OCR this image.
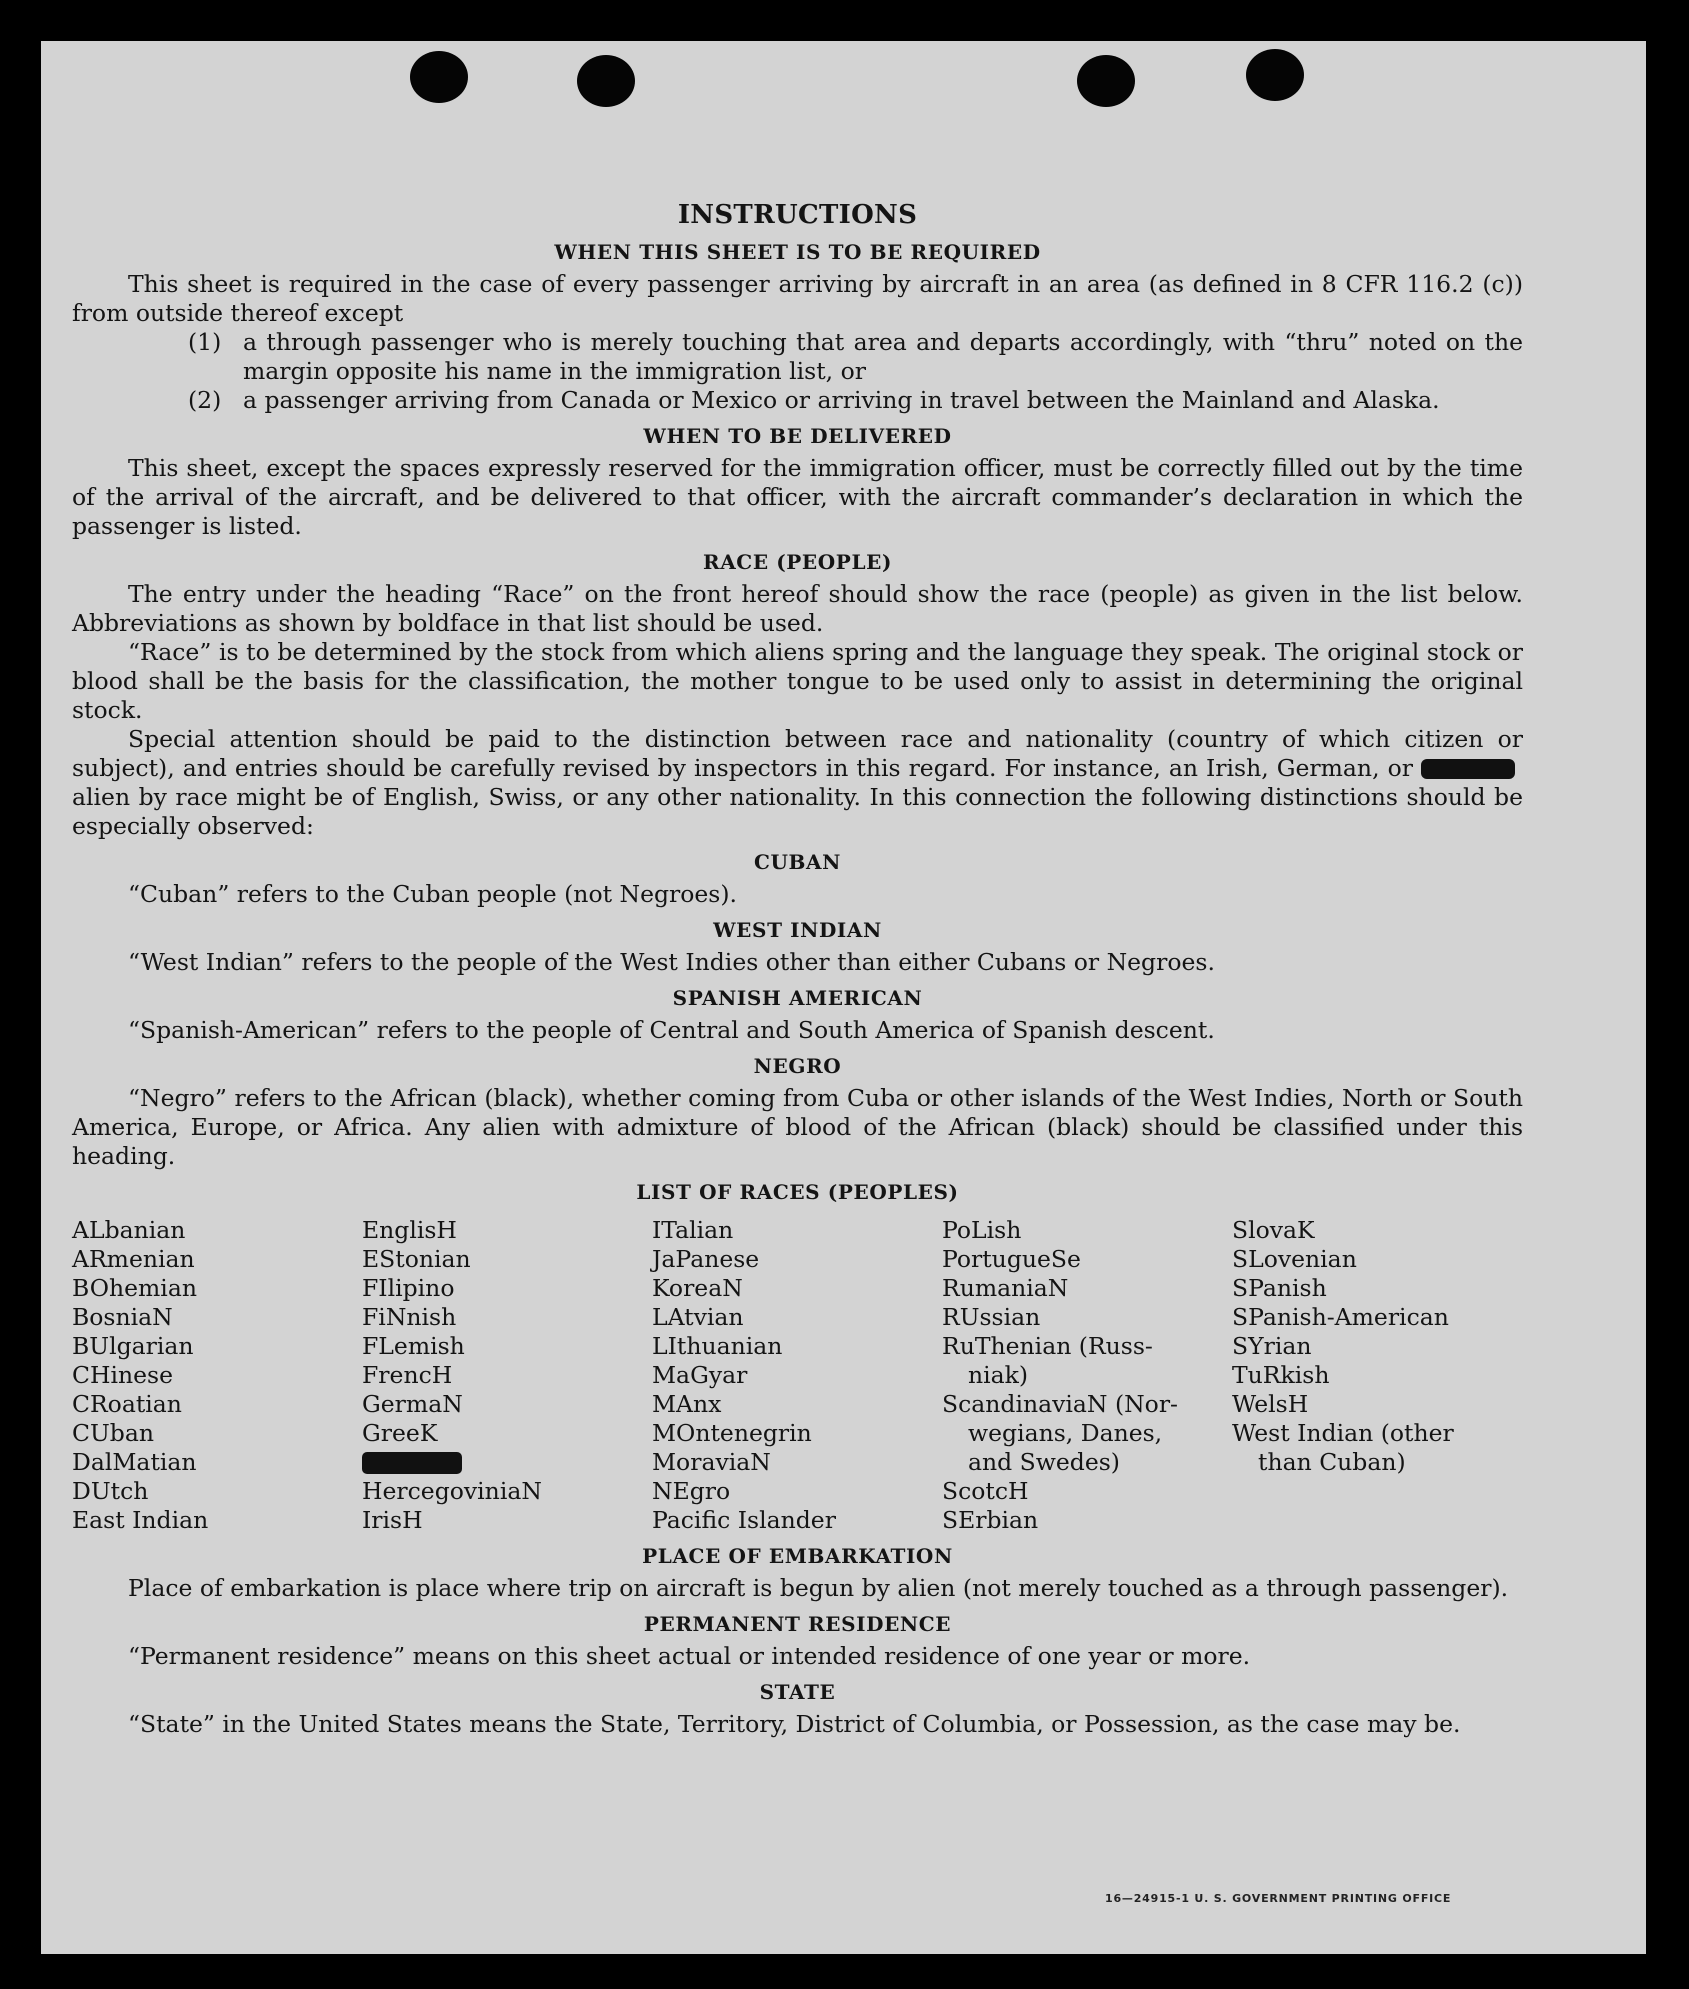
INSTRUCTIONS
WHEN THIS SHEET IS TO BE REQUIRED

This sheet is required in the case of every passenger arriving by aircraft in an area (as defined in 8 CFR 116.2 (c)) from outside thereof except

(1) a through passenger who is merely touching that area and departs accordingly, with “thru” noted on the margin opposite his name in the immigration list, or
(2) a passenger arriving from Canada or Mexico or arriving in travel between the Mainland and Alaska.
WHEN TO BE DELIVERED

This sheet, except the spaces expressly reserved for the immigration officer, must be correctly filled out by the time of the arrival of the aircraft, and be delivered to that officer, with the aircraft commander’s declaration in which the passenger is listed.

RACE (PEOPLE)

The entry under the heading “Race” on the front hereof should show the race (people) as given in the list below. Abbreviations as shown by boldface in that list should be used.

“Race” is to be determined by the stock from which aliens spring and the language they speak. The original stock or blood shall be the basis for the classification, the mother tongue to be used only to assist in determining the original stock.

Special attention should be paid to the distinction between race and nationality (country of which citizen or subject), and entries should be carefully revised by inspectors in this regard. For instance, an Irish, German, or alien by race might be of English, Swiss, or any other nationality. In this connection the following distinctions should be especially observed:

CUBAN

“Cuban” refers to the Cuban people (not Negroes).

WEST INDIAN

“West Indian” refers to the people of the West Indies other than either Cubans or Negroes.

SPANISH AMERICAN

“Spanish-American” refers to the people of Central and South America of Spanish descent.

NEGRO

“Negro” refers to the African (black), whether coming from Cuba or other islands of the West Indies, North or South America, Europe, or Africa. Any alien with admixture of blood of the African (black) should be classified under this heading.

LIST OF RACES (PEOPLES)
ALbanian
ARmenian
BOhemian
BosniaN
BUlgarian
CHinese
CRoatian
CUban
DalMatian
DUtch
East Indian
EnglisH
EStonian
FIlipino
FiNnish
FLemish
FrencH
GermaN
GreeK
HercegoviniaN
IrisH
ITalian
JaPanese
KoreaN
LAtvian
LIthuanian
MaGyar
MAnx
MOntenegrin
MoraviaN
NEgro
Pacific Islander
PoLish
PortugueSe
RumaniaN
RUssian
RuThenian (Russ-
niak)
ScandinaviaN (Nor-
wegians, Danes,
and Swedes)
ScotcH
SErbian
SlovaK
SLovenian
SPanish
SPanish-American
SYrian
TuRkish
WelsH
West Indian (other
than Cuban)
PLACE OF EMBARKATION

Place of embarkation is place where trip on aircraft is begun by alien (not merely touched as a through passenger).

PERMANENT RESIDENCE

“Permanent residence” means on this sheet actual or intended residence of one year or more.

STATE

“State” in the United States means the State, Territory, District of Columbia, or Possession, as the case may be.

16—24915-1 U. S. GOVERNMENT PRINTING OFFICE
